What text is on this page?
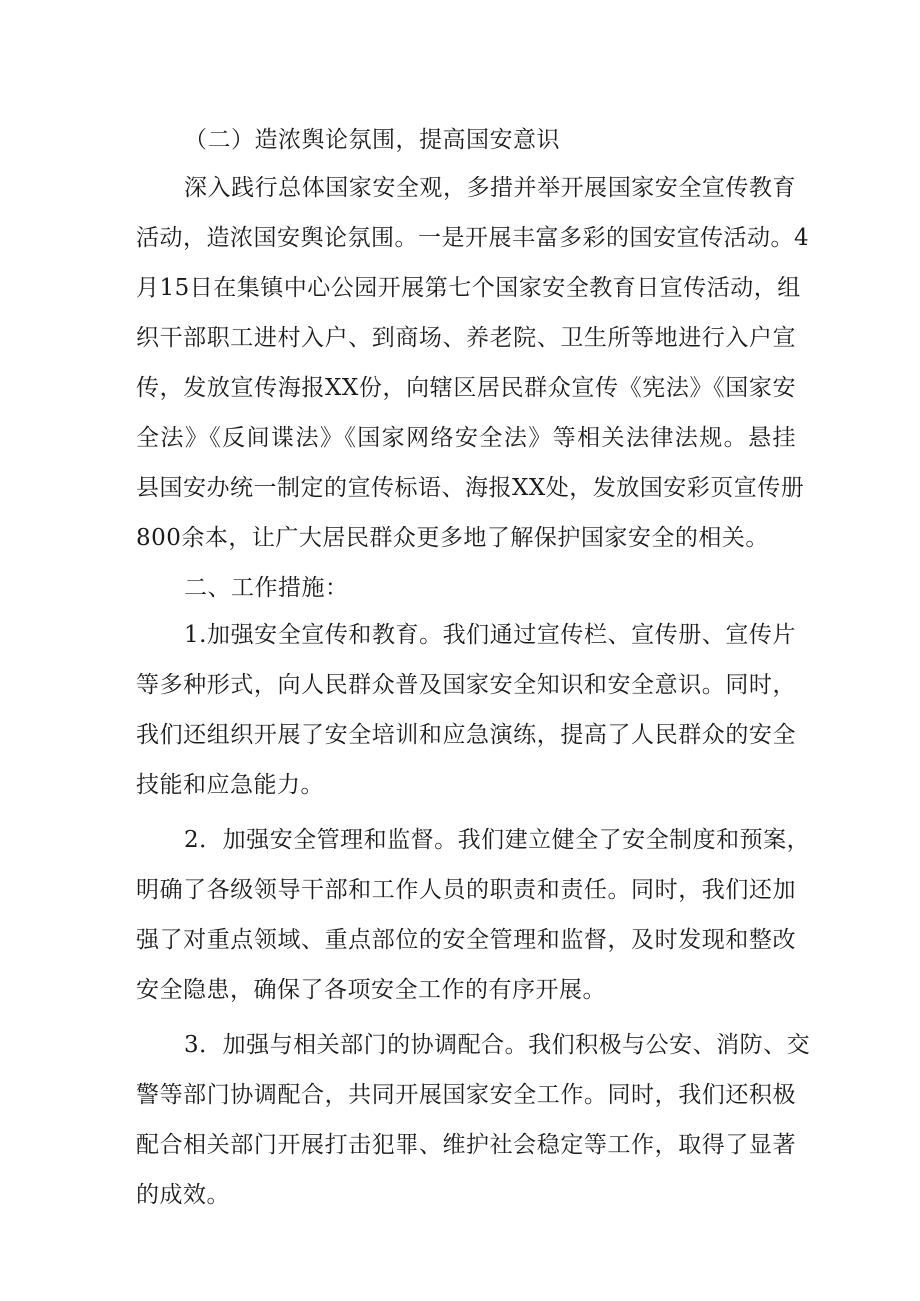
（二）造浓舆论氛围，提高国安意识
深入践行总体国家安全观，多措并举开展国家安全宣传教育
活动，造浓国安舆论氛围。一是开展丰富多彩的国安宣传活动。4
月15日在集镇中心公园开展第七个国家安全教育日宣传活动，组
织干部职工进村入户、到商场、养老院、卫生所等地进行入户宣
传，发放宣传海报XX份，向辖区居民群众宣传《宪法》《国家安
全法》《反间谍法》《国家网络安全法》等相关法律法规。悬挂
县国安办统一制定的宣传标语、海报XX处，发放国安彩页宣传册
800余本，让广大居民群众更多地了解保护国家安全的相关。
二、工作措施：
1.加强安全宣传和教育。我们通过宣传栏、宣传册、宣传片
等多种形式，向人民群众普及国家安全知识和安全意识。同时，
我们还组织开展了安全培训和应急演练，提高了人民群众的安全
技能和应急能力。
2．加强安全管理和监督。我们建立健全了安全制度和预案，
明确了各级领导干部和工作人员的职责和责任。同时，我们还加
强了对重点领域、重点部位的安全管理和监督，及时发现和整改
安全隐患，确保了各项安全工作的有序开展。
3．加强与相关部门的协调配合。我们积极与公安、消防、交
警等部门协调配合，共同开展国家安全工作。同时，我们还积极
配合相关部门开展打击犯罪、维护社会稳定等工作，取得了显著
的成效。
